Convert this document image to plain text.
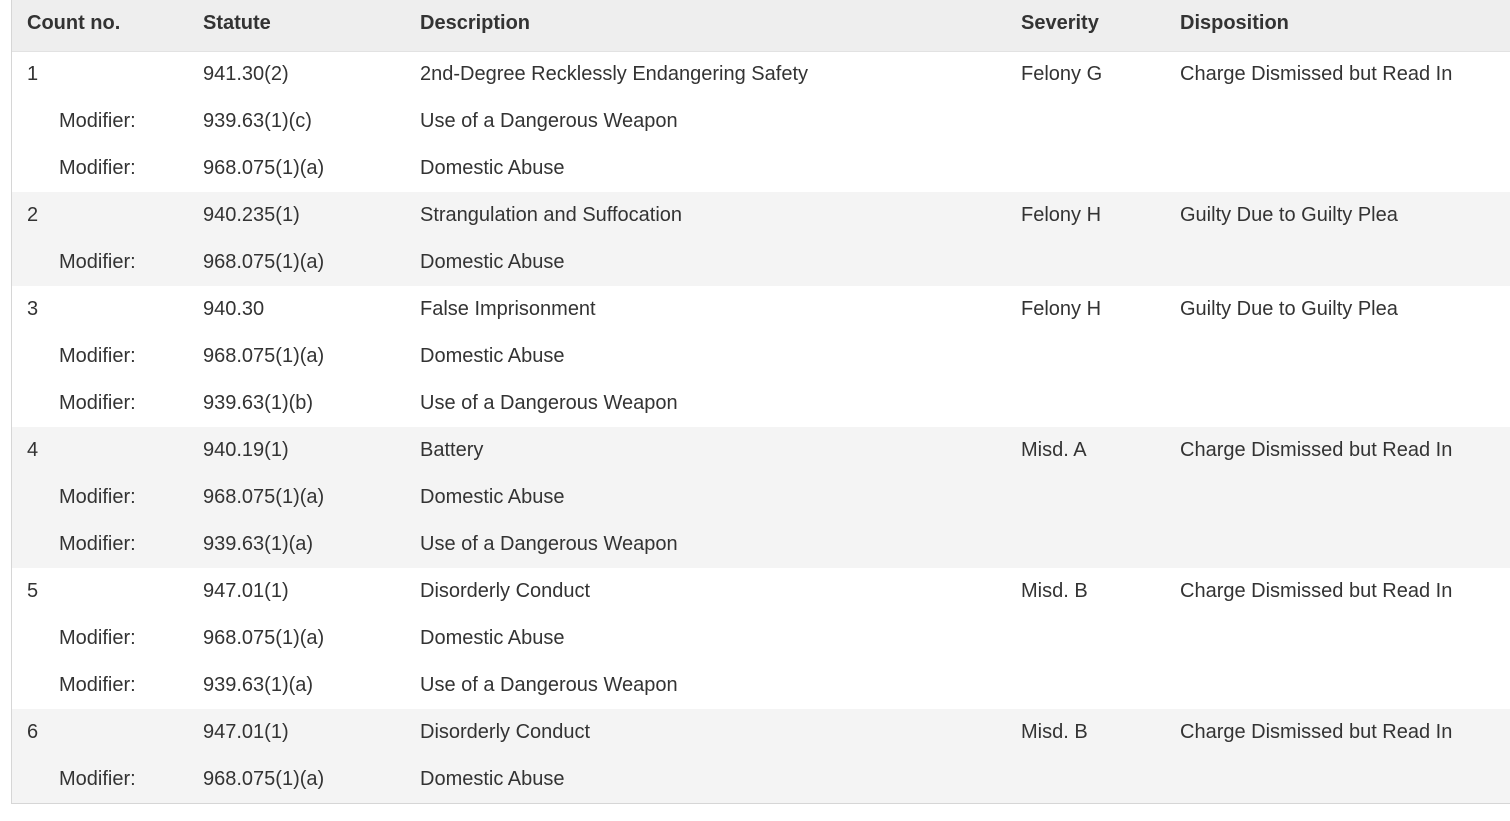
Count no.	Statute	Description	Severity	Disposition
1	941.30(2)	2nd-Degree Recklessly Endangering Safety	Felony G	Charge Dismissed but Read In
Modifier:	939.63(1)(c)	Use of a Dangerous Weapon		
Modifier:	968.075(1)(a)	Domestic Abuse		
2	940.235(1)	Strangulation and Suffocation	Felony H	Guilty Due to Guilty Plea
Modifier:	968.075(1)(a)	Domestic Abuse		
3	940.30	False Imprisonment	Felony H	Guilty Due to Guilty Plea
Modifier:	968.075(1)(a)	Domestic Abuse		
Modifier:	939.63(1)(b)	Use of a Dangerous Weapon		
4	940.19(1)	Battery	Misd. A	Charge Dismissed but Read In
Modifier:	968.075(1)(a)	Domestic Abuse		
Modifier:	939.63(1)(a)	Use of a Dangerous Weapon		
5	947.01(1)	Disorderly Conduct	Misd. B	Charge Dismissed but Read In
Modifier:	968.075(1)(a)	Domestic Abuse		
Modifier:	939.63(1)(a)	Use of a Dangerous Weapon		
6	947.01(1)	Disorderly Conduct	Misd. B	Charge Dismissed but Read In
Modifier:	968.075(1)(a)	Domestic Abuse		
